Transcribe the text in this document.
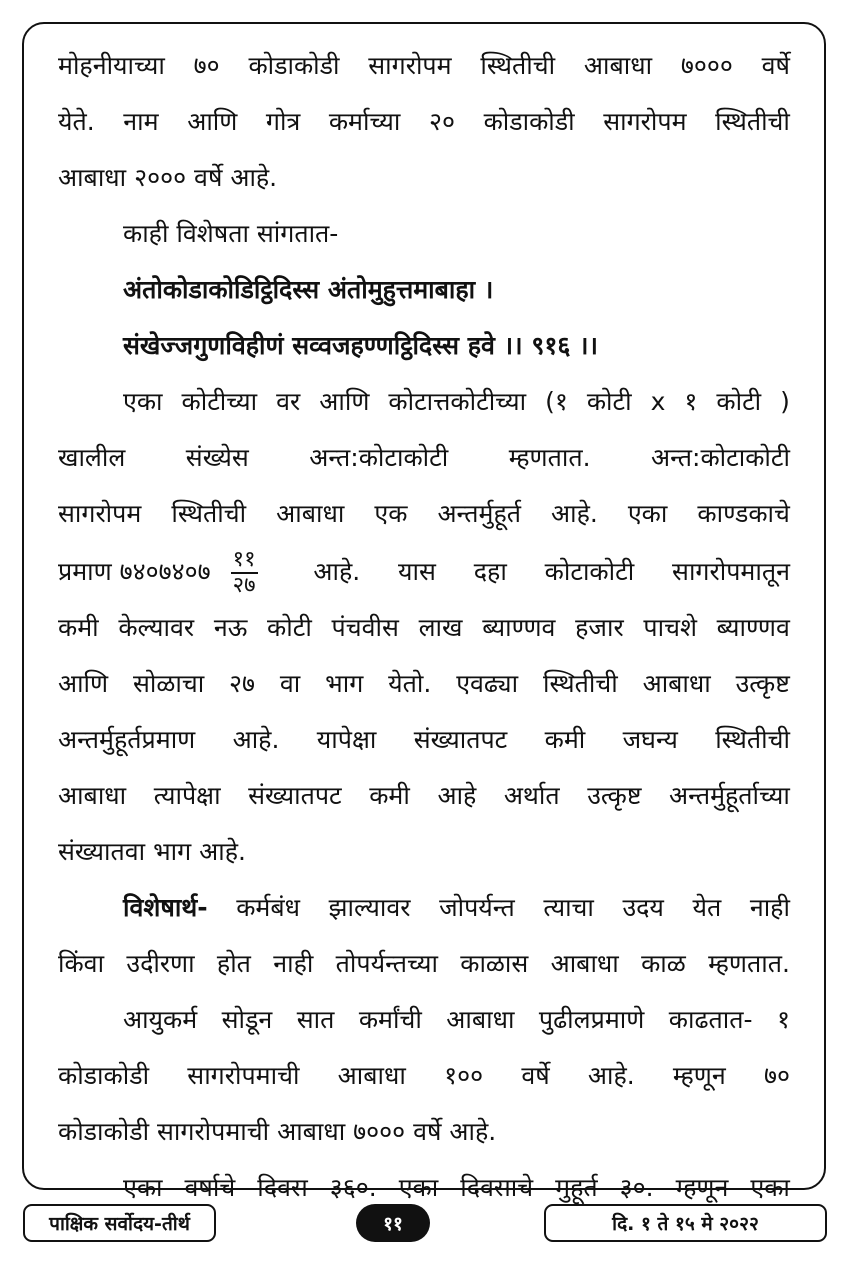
मोहनीयाच्या ७० कोडाकोडी सागरोपम स्थितीची आबाधा ७००० वर्षे
येते. नाम आणि गोत्र कर्माच्या २० कोडाकोडी सागरोपम स्थितीची
आबाधा २००० वर्षे आहे.
काही विशेषता सांगतात-
अंतोकोडाकोडिट्ठिदिस्स अंतोमुहुत्तमाबाहा ।
संखेज्जगुणविहीणं सव्वजहण्णट्ठिदिस्स हवे ।। ९१६ ।।
एका कोटीच्या वर आणि कोटात्तकोटीच्या (१ कोटी x १ कोटी )
खालील संख्येस अन्त:कोटाकोटी म्हणतात. अन्त:कोटाकोटी
सागरोपम स्थितीची आबाधा एक अन्तर्मुहूर्त आहे. एका काण्डकाचे
प्रमाण ७४०७४०७ $\frac{११}{२७}$ आहे. यास दहा कोटाकोटी सागरोपमातून
कमी केल्यावर नऊ कोटी पंचवीस लाख ब्याण्णव हजार पाचशे ब्याण्णव
आणि सोळाचा २७ वा भाग येतो. एवढ्या स्थितीची आबाधा उत्कृष्ट
अन्तर्मुहूर्तप्रमाण आहे. यापेक्षा संख्यातपट कमी जघन्य स्थितीची
आबाधा त्यापेक्षा संख्यातपट कमी आहे अर्थात उत्कृष्ट अन्तर्मुहूर्ताच्या
संख्यातवा भाग आहे.
विशेषार्थ- कर्मबंध झाल्यावर जोपर्यन्त त्याचा उदय येत नाही
किंवा उदीरणा होत नाही तोपर्यन्तच्या काळास आबाधा काळ म्हणतात.
आयुकर्म सोडून सात कर्मांची आबाधा पुढीलप्रमाणे काढतात- १
कोडाकोडी सागरोपमाची आबाधा १०० वर्षे आहे. म्हणून ७०
कोडाकोडी सागरोपमाची आबाधा ७००० वर्षे आहे.
एका वर्षाचे दिवस ३६०. एका दिवसाचे मुहूर्त ३०. म्हणून एका
पाक्षिक सर्वोदय-तीर्थ	११	दि. १ ते १५ मे २०२२
